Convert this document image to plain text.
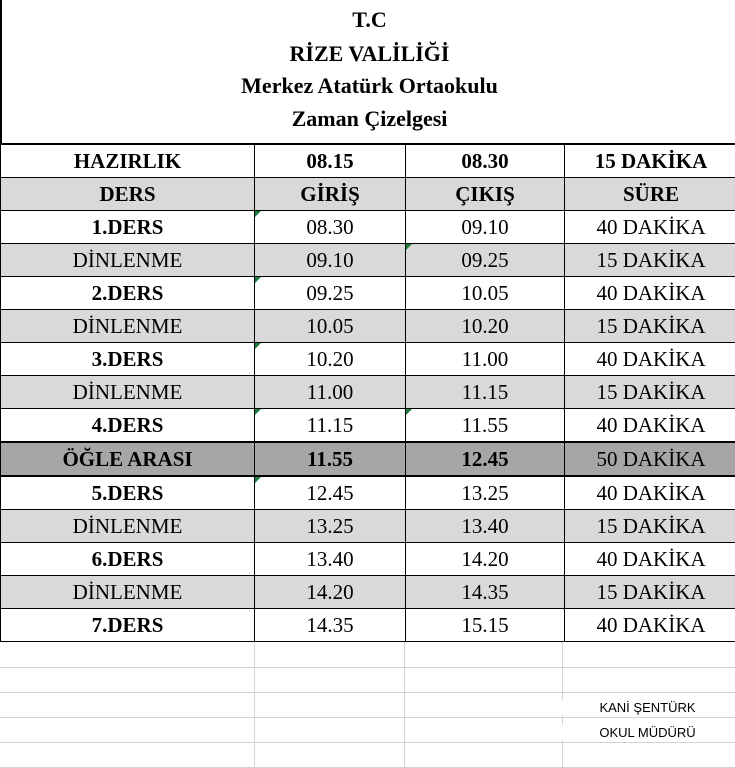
T.C
RİZE VALİLİĞİ
Merkez Atatürk Ortaokulu
Zaman Çizelgesi
HAZIRLIK	08.15	08.30	15 DAKİKA
DERS	GİRİŞ	ÇIKIŞ	SÜRE
1.DERS	08.30	09.10	40 DAKİKA
DİNLENME	09.10	09.25	15 DAKİKA
2.DERS	09.25	10.05	40 DAKİKA
DİNLENME	10.05	10.20	15 DAKİKA
3.DERS	10.20	11.00	40 DAKİKA
DİNLENME	11.00	11.15	15 DAKİKA
4.DERS	11.15	11.55	40 DAKİKA
ÖĞLE ARASI	11.55	12.45	50 DAKİKA
5.DERS	12.45	13.25	40 DAKİKA
DİNLENME	13.25	13.40	15 DAKİKA
6.DERS	13.40	14.20	40 DAKİKA
DİNLENME	14.20	14.35	15 DAKİKA
7.DERS	14.35	15.15	40 DAKİKA
KANİ ŞENTÜRK
OKUL MÜDÜRÜ
